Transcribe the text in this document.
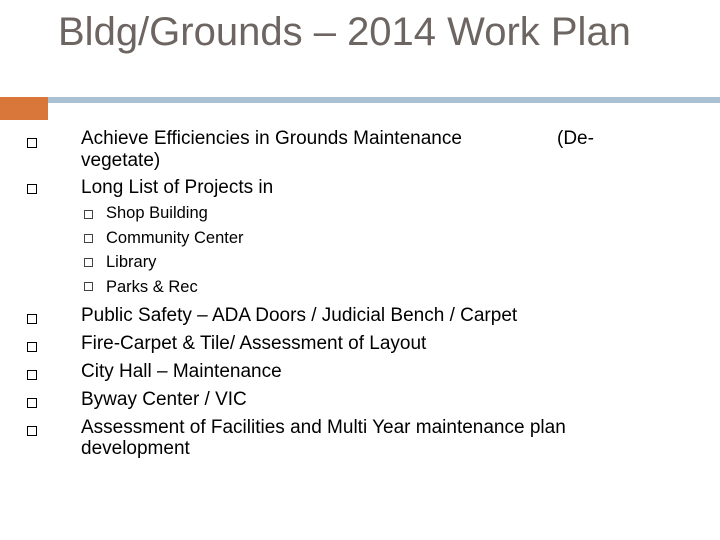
Bldg/Grounds – 2014 Work Plan
Achieve Efficiencies in Grounds Maintenance	(De-
vegetate)
Long List of Projects in
Shop Building
Community Center
Library
Parks & Rec
Public Safety – ADA Doors / Judicial Bench / Carpet
Fire-Carpet & Tile/ Assessment of Layout
City Hall – Maintenance
Byway Center / VIC
Assessment of Facilities and Multi Year maintenance plan
development
